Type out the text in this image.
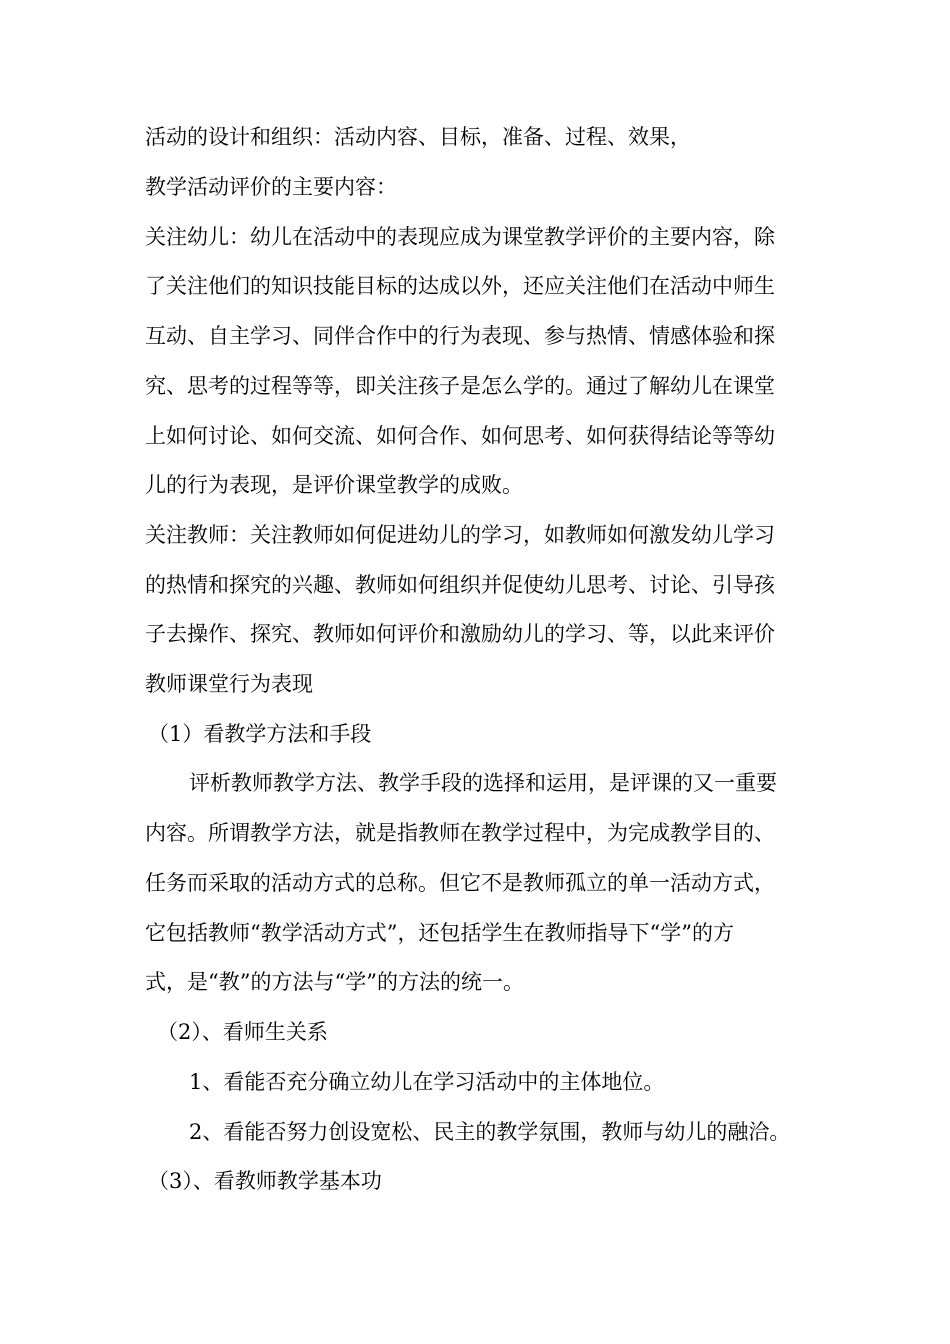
活动的设计和组织：活动内容、目标，准备、过程、效果，
教学活动评价的主要内容：
关注幼儿：幼儿在活动中的表现应成为课堂教学评价的主要内容，除
了关注他们的知识技能目标的达成以外，还应关注他们在活动中师生
互动、自主学习、同伴合作中的行为表现、参与热情、情感体验和探
究、思考的过程等等，即关注孩子是怎么学的。通过了解幼儿在课堂
上如何讨论、如何交流、如何合作、如何思考、如何获得结论等等幼
儿的行为表现，是评价课堂教学的成败。
关注教师：关注教师如何促进幼儿的学习，如教师如何激发幼儿学习
的热情和探究的兴趣、教师如何组织并促使幼儿思考、讨论、引导孩
子去操作、探究、教师如何评价和激励幼儿的学习、等，以此来评价
教师课堂行为表现
（1）看教学方法和手段
评析教师教学方法、教学手段的选择和运用，是评课的又一重要
内容。所谓教学方法，就是指教师在教学过程中，为完成教学目的、
任务而采取的活动方式的总称。但它不是教师孤立的单一活动方式，
它包括教师“教学活动方式”，还包括学生在教师指导下“学”的方
式，是“教”的方法与“学”的方法的统一。
（2）、看师生关系
1、看能否充分确立幼儿在学习活动中的主体地位。
2、看能否努力创设宽松、民主的教学氛围，教师与幼儿的融洽。
（3）、看教师教学基本功
